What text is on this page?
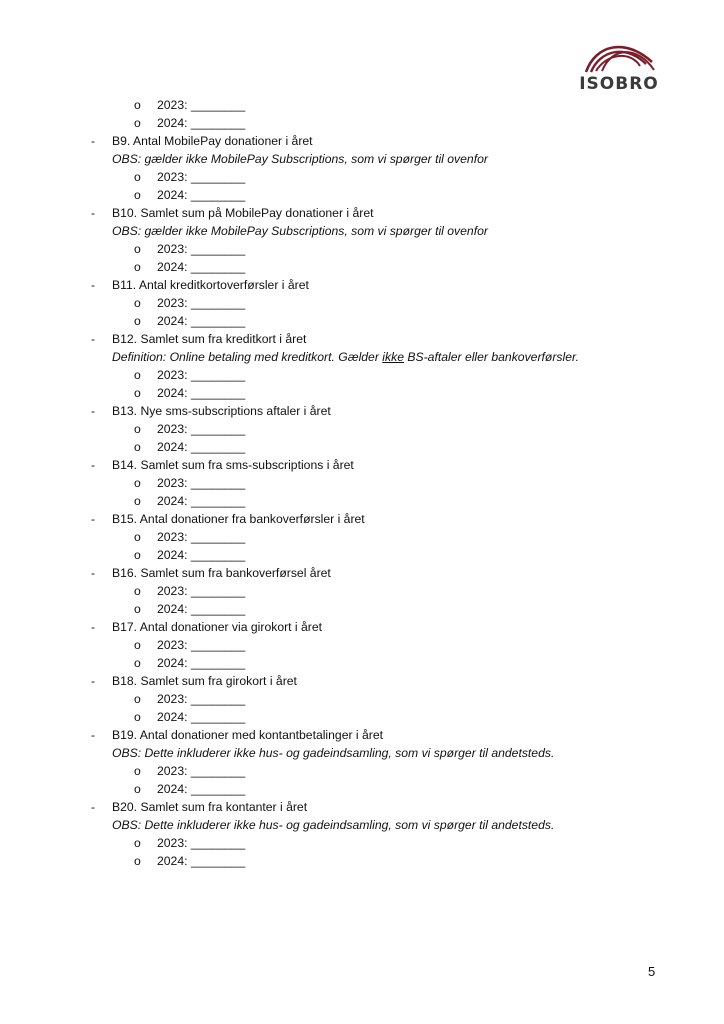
ISOBRO
o 2023: ________
o 2024: ________
- B9. Antal MobilePay donationer i året
OBS: gælder ikke MobilePay Subscriptions, som vi spørger til ovenfor
o 2023: ________
o 2024: ________
- B10. Samlet sum på MobilePay donationer i året
OBS: gælder ikke MobilePay Subscriptions, som vi spørger til ovenfor
o 2023: ________
o 2024: ________
- B11. Antal kreditkortoverførsler i året
o 2023: ________
o 2024: ________
- B12. Samlet sum fra kreditkort i året
Definition: Online betaling med kreditkort. Gælder ikke BS-aftaler eller bankoverførsler.
o 2023: ________
o 2024: ________
- B13. Nye sms-subscriptions aftaler i året
o 2023: ________
o 2024: ________
- B14. Samlet sum fra sms-subscriptions i året
o 2023: ________
o 2024: ________
- B15. Antal donationer fra bankoverførsler i året
o 2023: ________
o 2024: ________
- B16. Samlet sum fra bankoverførsel året
o 2023: ________
o 2024: ________
- B17. Antal donationer via girokort i året
o 2023: ________
o 2024: ________
- B18. Samlet sum fra girokort i året
o 2023: ________
o 2024: ________
- B19. Antal donationer med kontantbetalinger i året
OBS: Dette inkluderer ikke hus- og gadeindsamling, som vi spørger til andetsteds.
o 2023: ________
o 2024: ________
- B20. Samlet sum fra kontanter i året
OBS: Dette inkluderer ikke hus- og gadeindsamling, som vi spørger til andetsteds.
o 2023: ________
o 2024: ________
5
